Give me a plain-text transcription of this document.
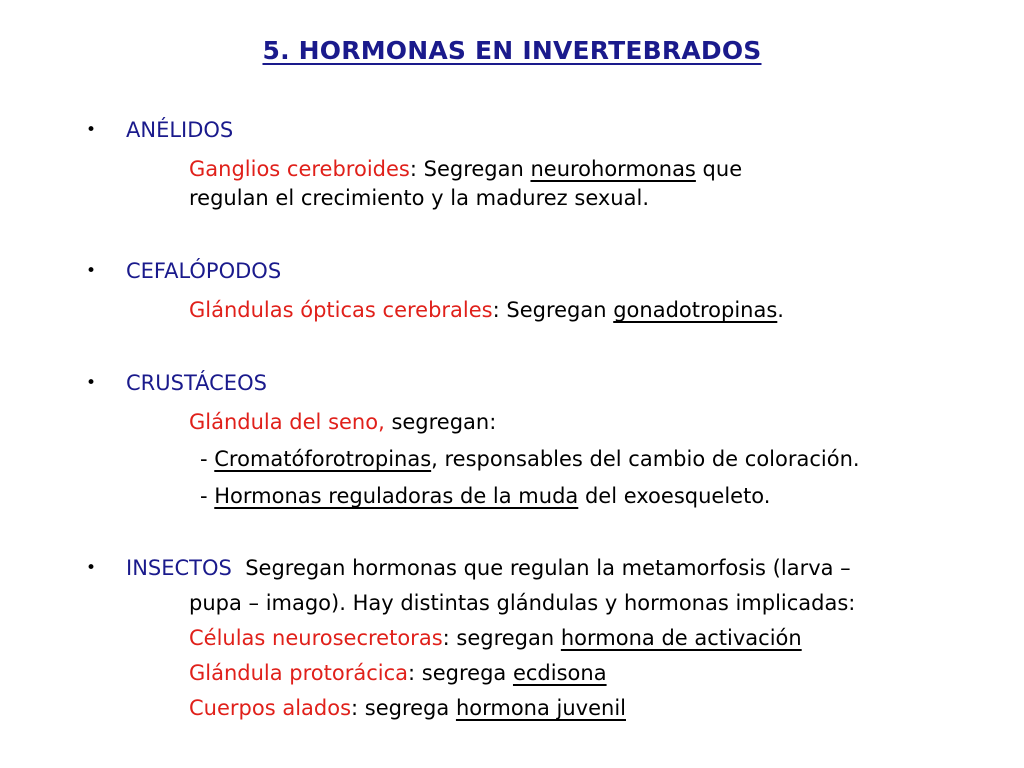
5. HORMONAS EN INVERTEBRADOS
• ANÉLIDOS
Ganglios cerebroides: Segregan neurohormonas que
regulan el crecimiento y la madurez sexual.
• CEFALÓPODOS
Glándulas ópticas cerebrales: Segregan gonadotropinas.
• CRUSTÁCEOS
Glándula del seno, segregan:
- Cromatóforotropinas, responsables del cambio de coloración.
- Hormonas reguladoras de la muda del exoesqueleto.
• INSECTOS  Segregan hormonas que regulan la metamorfosis (larva –
pupa – imago). Hay distintas glándulas y hormonas implicadas:
Células neurosecretoras: segregan hormona de activación
Glándula protorácica: segrega ecdisona
Cuerpos alados: segrega hormona juvenil
